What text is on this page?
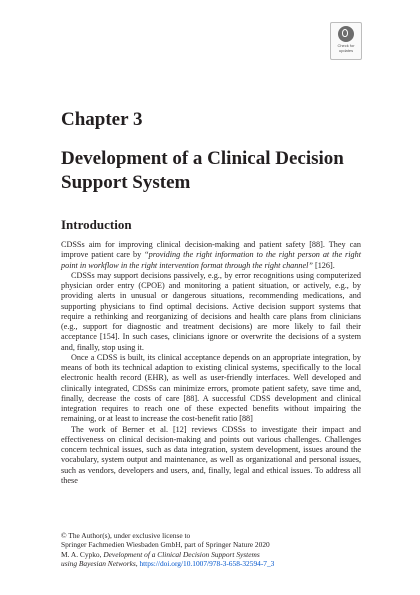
Check for
updates
Chapter 3
Development of a Clinical Decision Support System
Introduction

CDSSs aim for improving clinical decision-making and patient safety [88]. They can improve patient care by “providing the right information to the right person at the right point in workflow in the right intervention format through the right channel” [126].

CDSSs may support decisions passively, e.g., by error recognitions using computerized physician order entry (CPOE) and monitoring a patient situation, or actively, e.g., by providing alerts in unusual or dangerous situations, recommending medications, and supporting physicians to find optimal decisions. Active decision support systems that require a rethinking and reorganizing of decisions and health care plans from clinicians (e.g., support for diagnostic and treatment decisions) are more likely to fail their acceptance [154]. In such cases, clinicians ignore or overwrite the decisions of a system and, finally, stop using it.

Once a CDSS is built, its clinical acceptance depends on an appropriate integration, by means of both its technical adaption to existing clinical systems, specifically to the local electronic health record (EHR), as well as user-friendly interfaces. Well developed and clinically integrated, CDSSs can minimize errors, promote patient safety, save time and, finally, decrease the costs of care [88]. A successful CDSS development and clinical integration requires to reach one of these expected benefits without impairing the remaining, or at least to increase the cost-benefit ratio [88]

The work of Berner et al. [12] reviews CDSSs to investigate their impact and effectiveness on clinical decision-making and points out various challenges. Challenges concern technical issues, such as data integration, system development, issues around the vocabulary, system output and maintenance, as well as organizational and personal issues, such as vendors, developers and users, and, finally, legal and ethical issues. To address all these

© The Author(s), under exclusive license to
Springer Fachmedien Wiesbaden GmbH, part of Springer Nature 2020
M. A. Cypko, Development of a Clinical Decision Support Systems
using Bayesian Networks, https://doi.org/10.1007/978-3-658-32594-7_3
